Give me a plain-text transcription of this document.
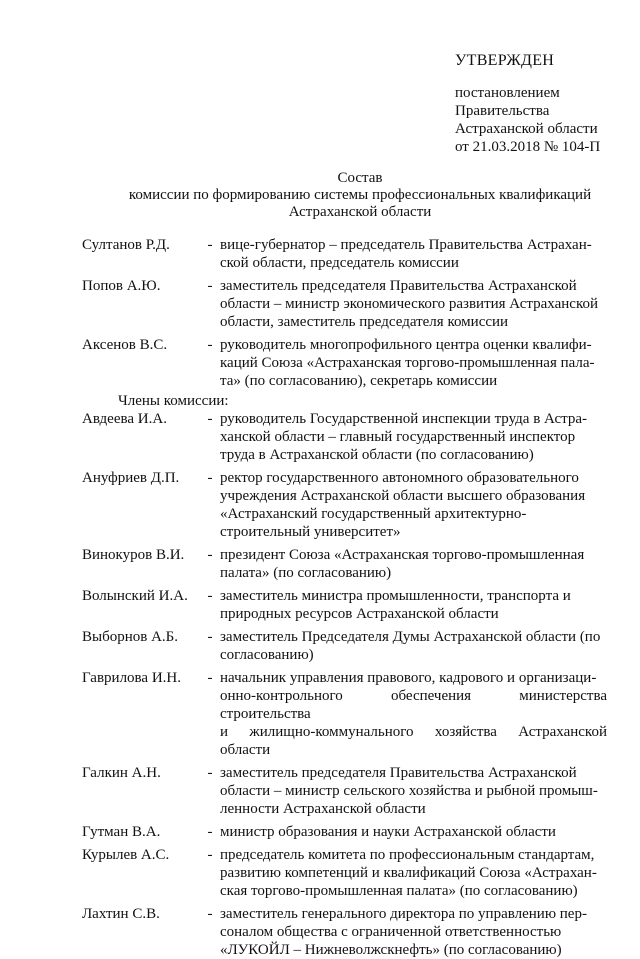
УТВЕРЖДЕН
постановлением
Правительства
Астраханской области
от 21.03.2018 № 104-П
Состав
комиссии по формированию системы профессиональных квалификаций
Астраханской области
Султанов Р.Д.	- вице-губернатор – председатель Правительства Астрахан-
ской области, председатель комиссии
Попов А.Ю.	- заместитель председателя Правительства Астраханской
области – министр экономического развития Астраханской
области, заместитель председателя комиссии
Аксенов В.С.	- руководитель многопрофильного центра оценки квалифи-
каций Союза «Астраханская торгово-промышленная пала-
та» (по согласованию), секретарь комиссии
Члены комиссии:
Авдеева И.А.	- руководитель Государственной инспекции труда в Астра-
ханской области – главный государственный инспектор
труда в Астраханской области (по согласованию)
Ануфриев Д.П.	- ректор государственного автономного образовательного
учреждения Астраханской области высшего образования
«Астраханский государственный архитектурно-
строительный университет»
Винокуров В.И.	- президент Союза «Астраханская торгово-промышленная
палата» (по согласованию)
Волынский И.А.	- заместитель министра промышленности, транспорта и
природных ресурсов Астраханской области
Выборнов А.Б.	- заместитель Председателя Думы Астраханской области (по
согласованию)
Гаврилова И.Н.	- начальник управления правового, кадрового и организаци-
онно-контрольного обеспечения министерства строительства
и жилищно-коммунального хозяйства Астраханской области
Галкин А.Н.	- заместитель председателя Правительства Астраханской
области – министр сельского хозяйства и рыбной промыш-
ленности Астраханской области
Гутман В.А.	- министр образования и науки Астраханской области
Курылев А.С.	- председатель комитета по профессиональным стандартам,
развитию компетенций и квалификаций Союза «Астрахан-
ская торгово-промышленная палата» (по согласованию)
Лахтин С.В.	- заместитель генерального директора по управлению пер-
соналом общества с ограниченной ответственностью
«ЛУКОЙЛ – Нижневолжскнефть» (по согласованию)
